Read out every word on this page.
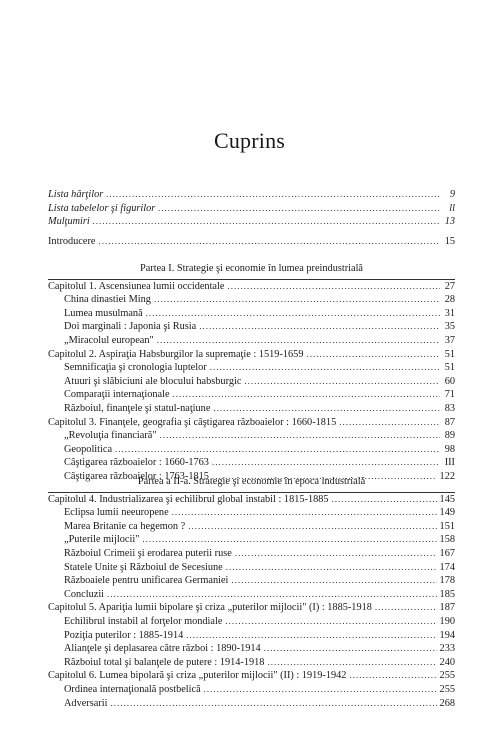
Cuprins
Lista hărţilor .....	9
Lista tabelelor şi figurilor .....	ll
Mulţumiri .....	13
Introducere .....	15
Partea I. Strategie şi economie în lumea preindustrială
Capitolul 1. Ascensiunea lumii occidentale .....	27
China dinastiei Ming .....	28
Lumea musulmană .....	31
Doi marginali : Japonia şi Rusia .....	35
„Miracolul european" .....	37
Capitolul 2. Aspiraţia Habsburgilor la supremaţie : 1519-1659 .....	51
Semnificaţia şi cronologia luptelor .....	51
Atuuri şi slăbiciuni ale blocului habsburgic .....	60
Comparaţii internaţionale .....	71
Războiul, finanţele şi statul-naţiune .....	83
Capitolul 3. Finanţele, geografia şi câştigarea războaielor : 1660-1815 .....	87
„Revoluţia financiară" .....	89
Geopolitica .....	98
Câştigarea războaielor : 1660-1763 .....	III
Câştigarea războaielor : 1763-1815 .....	122
Partea a II-a. Strategie şi economie în epoca industrială
Capitolul 4. Industrializarea şi echilibrul global instabil : 1815-1885 .....	145
Eclipsa lumii neeuropene .....	149
Marea Britanie ca hegemon ? .....	151
„Puterile mijlocii" .....	158
Războiul Crimeii şi erodarea puterii ruse .....	167
Statele Unite şi Războiul de Secesiune .....	174
Războaiele pentru unificarea Germaniei .....	178
Concluzii .....	185
Capitolul 5. Apariţia lumii bipolare şi criza „puterilor mijlocii" (I) : 1885-1918 .....	187
Echilibrul instabil al forţelor mondiale .....	190
Poziţia puterilor : 1885-1914 .....	194
Alianţele şi deplasarea către război : 1890-1914 .....	233
Războiul total şi balanţele de putere : 1914-1918 .....	240
Capitolul 6. Lumea bipolară şi criza „puterilor mijlocii" (II) : 1919-1942 .....	255
Ordinea internaţională postbelică .....	255
Adversarii .....	268
